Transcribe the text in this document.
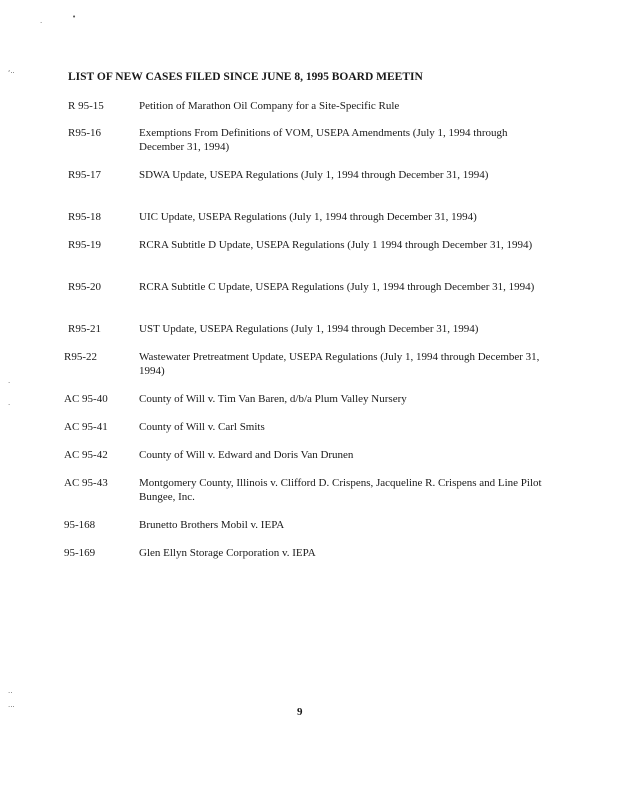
.	•
‘··
·
·
··
···
LIST OF NEW CASES FILED SINCE JUNE 8, 1995 BOARD MEETIN
R 95-15	Petition of Marathon Oil Company for a Site-Specific Rule
R95-16	Exemptions From Definitions of VOM, USEPA Amendments (July 1, 1994 through December 31, 1994)
R95-17	SDWA Update, USEPA Regulations (July 1, 1994 through December 31, 1994)
R95-18	UIC Update, USEPA Regulations (July 1, 1994 through December 31, 1994)
R95-19	RCRA Subtitle D Update, USEPA Regulations (July 1 1994 through December 31, 1994)
R95-20	RCRA Subtitle C Update, USEPA Regulations (July 1, 1994 through December 31, 1994)
R95-21	UST Update, USEPA Regulations (July 1, 1994 through December 31, 1994)
R95-22	Wastewater Pretreatment Update, USEPA Regulations (July 1, 1994 through December 31, 1994)
AC 95-40	County of Will v. Tim Van Baren, d/b/a Plum Valley Nursery
AC 95-41	County of Will v. Carl Smits
AC 95-42	County of Will v. Edward and Doris Van Drunen
AC 95-43	Montgomery County, Illinois v. Clifford D. Crispens, Jacqueline R. Crispens and Line Pilot Bungee, Inc.
95-168	Brunetto Brothers Mobil v. IEPA
95-169	Glen Ellyn Storage Corporation v. IEPA
9
